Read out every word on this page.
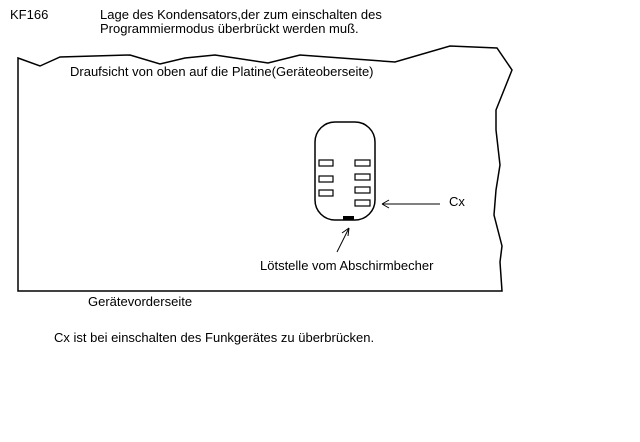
KF166	Lage des Kondensators,der zum einschalten des
Programmiermodus überbrückt werden muß.
Draufsicht von oben auf die Platine(Geräteoberseite)
Cx
Lötstelle vom Abschirmbecher
Gerätevorderseite
Cx ist bei einschalten des Funkgerätes zu überbrücken.
